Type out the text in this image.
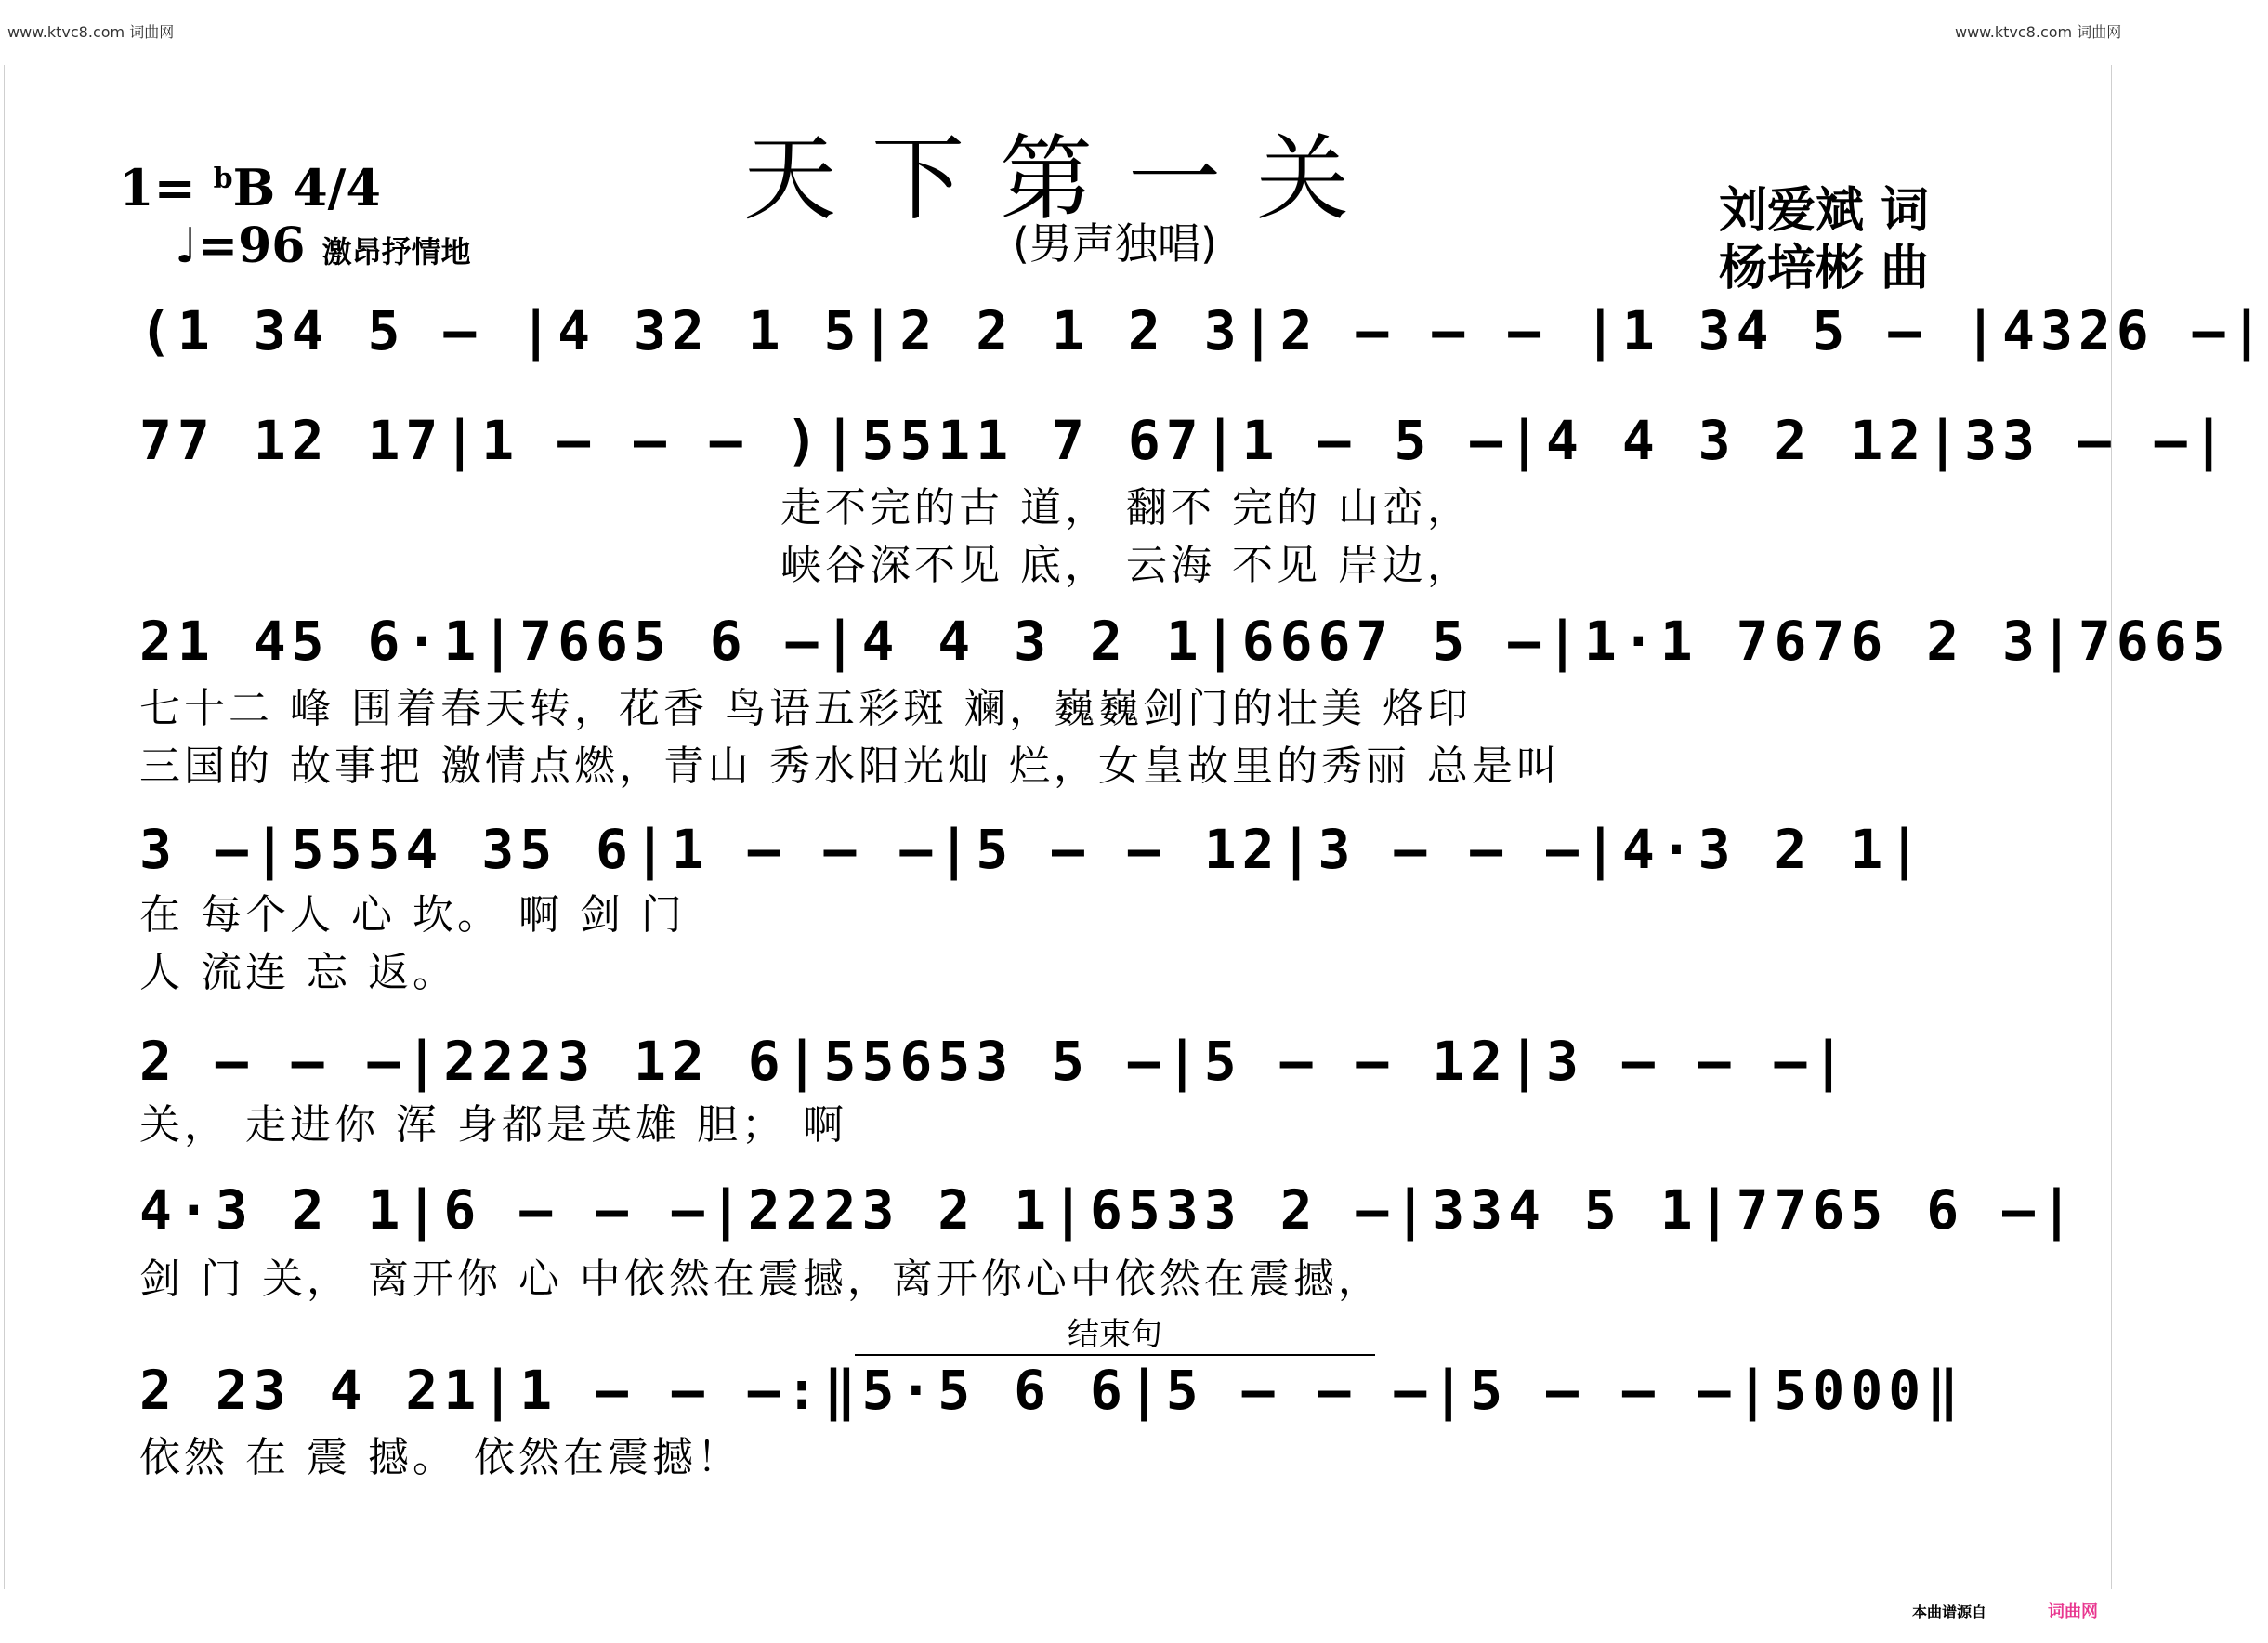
www.ktvc8.com 词曲网	www.ktvc8.com 词曲网
天下第一关
(男声独唱)
1= $^b$B 4/4
♩=96 激昂抒情地
刘爱斌 词
杨培彬 曲
(1 34 5 — |4 32 1 5|2 2 1 2 3|2 — — — |1 34 5 — |4326 —|
77 12 17|1 — — — )|5511 7 67|1 — 5 —|4 4 3 2 12|33 — —|
走不完的古 道， 翻不 完的 山峦，
峡谷深不见 底， 云海 不见 岸边，
21 45 6·1|7665 6 —|4 4 3 2 1|6667 5 —|1·1 7676 2 3|7665
七十二 峰 围着春天转，花香 鸟语五彩斑 斓，巍巍剑门的壮美 烙印
三国的 故事把 激情点燃，青山 秀水阳光灿 烂，女皇故里的秀丽 总是叫
3 —|5554 35 6|1 — — —|5 — — 12|3 — — —|4·3 2 1|
在 每个人 心 坎。 啊 剑 门
人 流连 忘 返。
2 — — —|2223 12 6|55653 5 —|5 — — 12|3 — — —|
关， 走进你 浑 身都是英雄 胆； 啊
4·3 2 1|6 — — —|2223 2 1|6533 2 —|334 5 1|7765 6 —|
剑 门 关， 离开你 心 中依然在震撼，离开你心中依然在震撼，
结束句
2 23 4 21|1 — — —:‖5·5 6 6|5 — — —|5 — — —|5000‖
依然 在 震 撼。 依然在震撼！
本曲谱源自	词曲网
